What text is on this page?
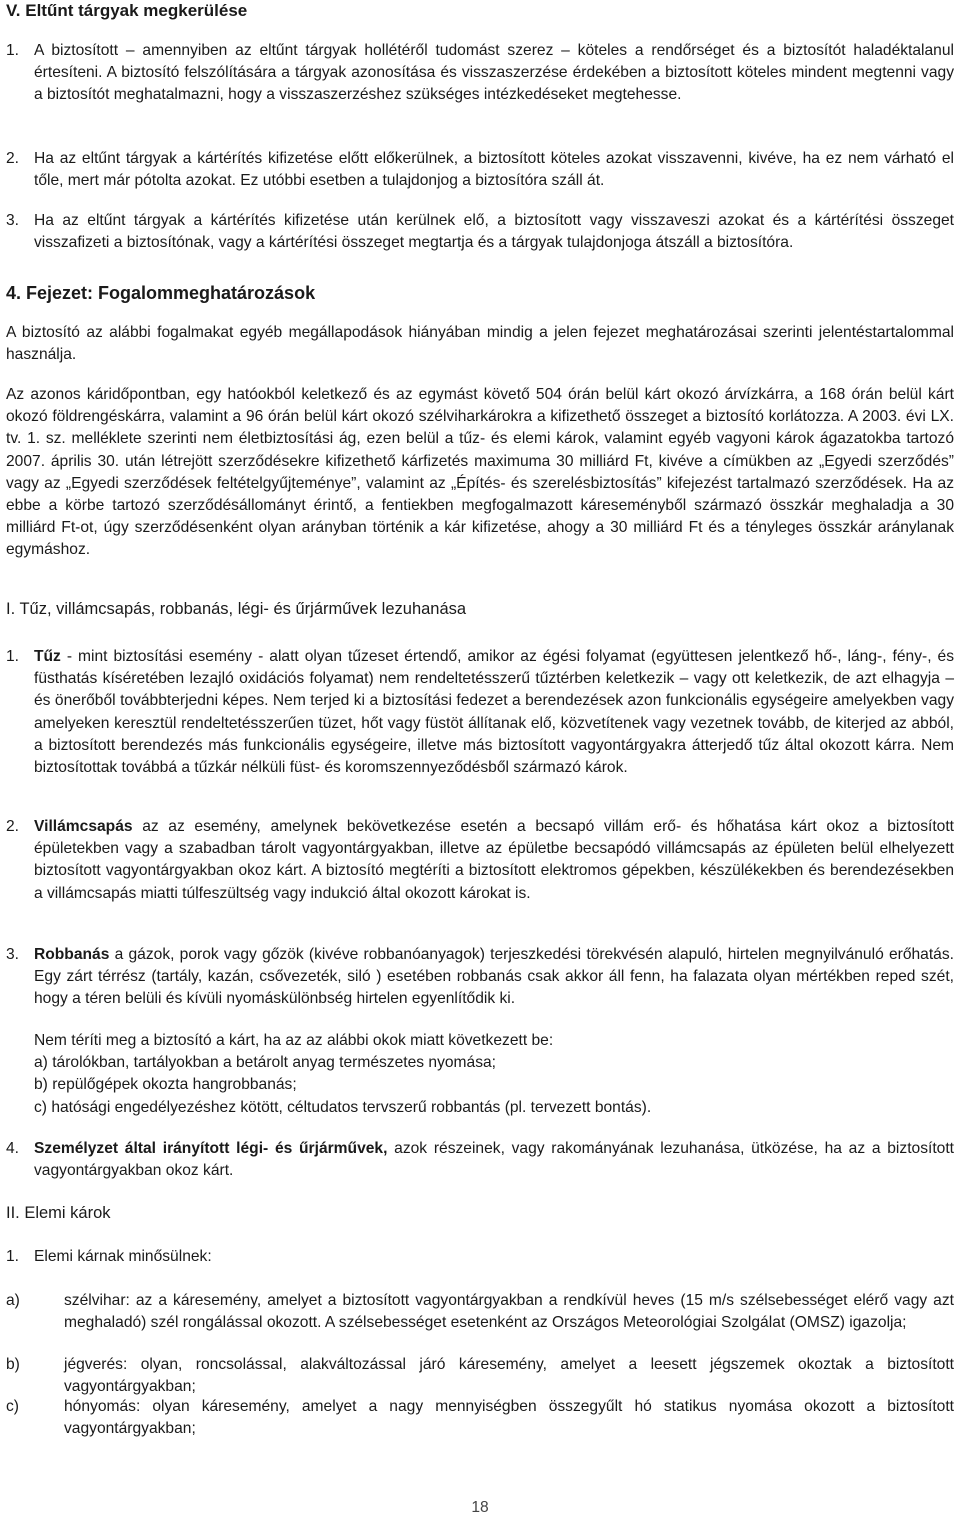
V. Eltűnt tárgyak megkerülése

1. A biztosított – amennyiben az eltűnt tárgyak hollétéről tudomást szerez – köteles a rendőrséget és a biztosítót haladéktalanul értesíteni. A biztosító felszólítására a tárgyak azonosítása és visszaszerzése érdekében a biztosított köteles mindent megtenni vagy a biztosítót meghatalmazni, hogy a visszaszerzéshez szükséges intézkedéseket megtehesse.
2. Ha az eltűnt tárgyak a kártérítés kifizetése előtt előkerülnek, a biztosított köteles azokat visszavenni, kivéve, ha ez nem várható el tőle, mert már pótolta azokat. Ez utóbbi esetben a tulajdonjog a biztosítóra száll át.
3. Ha az eltűnt tárgyak a kártérítés kifizetése után kerülnek elő, a biztosított vagy visszaveszi azokat és a kártérítési összeget visszafizeti a biztosítónak, vagy a kártérítési összeget megtartja és a tárgyak tulajdonjoga átszáll a biztosítóra.

4. Fejezet: Fogalommeghatározások

A biztosító az alábbi fogalmakat egyéb megállapodások hiányában mindig a jelen fejezet meghatározásai szerinti jelentéstartalommal használja.

Az azonos káridőpontban, egy hatóokból keletkező és az egymást követő 504 órán belül kárt okozó árvízkárra, a 168 órán belül kárt okozó földrengéskárra, valamint a 96 órán belül kárt okozó szélviharkárokra a kifizethető összeget a biztosító korlátozza. A 2003. évi LX. tv. 1. sz. melléklete szerinti nem életbiztosítási ág, ezen belül a tűz- és elemi károk, valamint egyéb vagyoni károk ágazatokba tartozó 2007. április 30. után létrejött szerződésekre kifizethető kárfizetés maximuma 30 milliárd Ft, kivéve a címükben az „Egyedi szerződés” vagy az „Egyedi szerződések feltételgyűjteménye”, valamint az „Építés- és szerelésbiztosítás” kifejezést tartalmazó szerződések. Ha az ebbe a körbe tartozó szerződésállományt érintő, a fentiekben megfogalmazott káreseményből származó összkár meghaladja a 30 milliárd Ft-ot, úgy szerződésenként olyan arányban történik a kár kifizetése, ahogy a 30 milliárd Ft és a tényleges összkár aránylanak egymáshoz.

I. Tűz, villámcsapás, robbanás, légi- és űrjárművek lezuhanása

1. Tűz - mint biztosítási esemény - alatt olyan tűzeset értendő, amikor az égési folyamat (együttesen jelentkező hő-, láng-, fény-, és füsthatás kíséretében lezajló oxidációs folyamat) nem rendeltetésszerű tűztérben keletkezik – vagy ott keletkezik, de azt elhagyja – és önerőből továbbterjedni képes. Nem terjed ki a biztosítási fedezet a berendezések azon funkcionális egységeire amelyekben vagy amelyeken keresztül rendeltetésszerűen tüzet, hőt vagy füstöt állítanak elő, közvetítenek vagy vezetnek tovább, de kiterjed az abból, a biztosított berendezés más funkcionális egységeire, illetve más biztosított vagyontárgyakra átterjedő tűz által okozott kárra. Nem biztosítottak továbbá a tűzkár nélküli füst- és koromszennyeződésből származó károk.
2. Villámcsapás az az esemény, amelynek bekövetkezése esetén a becsapó villám erő- és hőhatása kárt okoz a biztosított épületekben vagy a szabadban tárolt vagyontárgyakban, illetve az épületbe becsapódó villámcsapás az épületen belül elhelyezett biztosított vagyontárgyakban okoz kárt. A biztosító megtéríti a biztosított elektromos gépekben, készülékekben és berendezésekben a villámcsapás miatti túlfeszültség vagy indukció által okozott károkat is.
3. Robbanás a gázok, porok vagy gőzök (kivéve robbanóanyagok) terjeszkedési törekvésén alapuló, hirtelen megnyilvánuló erőhatás. Egy zárt térrész (tartály, kazán, csővezeték, siló ) esetében robbanás csak akkor áll fenn, ha falazata olyan mértékben reped szét, hogy a téren belüli és kívüli nyomáskülönbség hirtelen egyenlítődik ki.
Nem téríti meg a biztosító a kárt, ha az az alábbi okok miatt következett be:
a) tárolókban, tartályokban a betárolt anyag természetes nyomása;
b) repülőgépek okozta hangrobbanás;
c) hatósági engedélyezéshez kötött, céltudatos tervszerű robbantás (pl. tervezett bontás).
4. Személyzet által irányított légi- és űrjárművek, azok részeinek, vagy rakományának lezuhanása, ütközése, ha az a biztosított vagyontárgyakban okoz kárt.

II. Elemi károk

1. Elemi kárnak minősülnek:
a)	szélvihar: az a káresemény, amelyet a biztosított vagyontárgyakban a rendkívül heves (15 m/s szélsebességet elérő vagy azt meghaladó) szél rongálással okozott. A szélsebességet esetenként az Országos Meteorológiai Szolgálat (OMSZ) igazolja;
b)	jégverés: olyan, roncsolással, alakváltozással járó káresemény, amelyet a leesett jégszemek okoztak a biztosított vagyontárgyakban;
c)	hónyomás: olyan káresemény, amelyet a nagy mennyiségben összegyűlt hó statikus nyomása okozott a biztosított vagyontárgyakban;
18
